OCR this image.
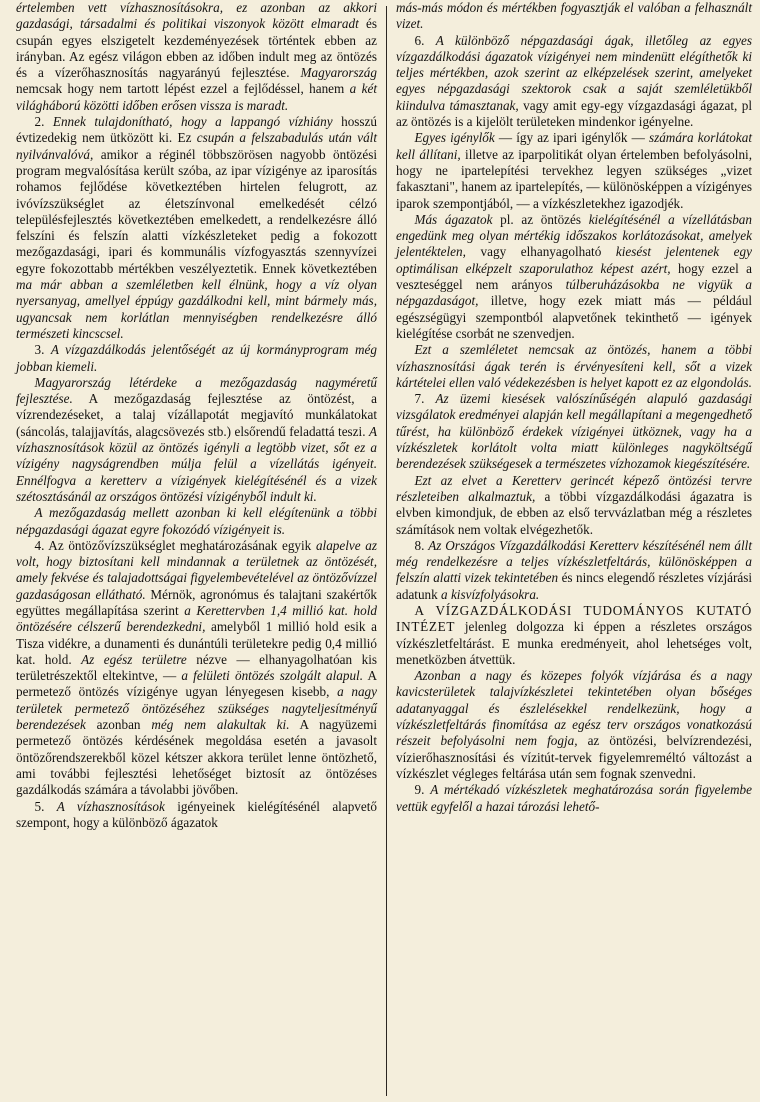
értelemben vett vízhasznosításokra, ez azonban az akkori gazdasági, társadalmi és politikai viszonyok között elmaradt és csupán egyes elszigetelt kezdeményezések történtek ebben az irányban. Az egész világon ebben az időben indult meg az öntözés és a vízerőhasznosítás nagyarányú fejlesztése. Magyarország nemcsak hogy nem tartott lépést ezzel a fejlődéssel, hanem a két világháború közötti időben erősen vissza is maradt.

2. Ennek tulajdonítható, hogy a lappangó vízhiány hosszú évtizedekig nem ütközött ki. Ez csupán a felszabadulás után vált nyilvánvalóvá, amikor a réginél többszörösen nagyobb öntözési program megvalósítása került szóba, az ipar vízigénye az iparosítás rohamos fejlődése következtében hirtelen felugrott, az ivóvízszükséglet az életszínvonal emelkedését célzó településfejlesztés következtében emelkedett, a rendelkezésre álló felszíni és felszín alatti vízkészleteket pedig a fokozott mezőgazdasági, ipari és kommunális vízfogyasztás szennyvízei egyre fokozottabb mértékben veszélyeztetik. Ennek következtében ma már abban a szemléletben kell élnünk, hogy a víz olyan nyersanyag, amellyel éppúgy gazdálkodni kell, mint bármely más, ugyancsak nem korlátlan mennyiségben rendelkezésre álló természeti kincscsel.

3. A vízgazdálkodás jelentőségét az új kormányprogram még jobban kiemeli.

Magyarország létérdeke a mezőgazdaság nagyméretű fejlesztése. A mezőgazdaság fejlesztése az öntözést, a vízrendezéseket, a talaj vízállapotát megjavító munkálatokat (sáncolás, talajjavítás, alagcsövezés stb.) elsőrendű feladattá teszi. A vízhasznosítások közül az öntözés igényli a legtöbb vizet, sőt ez a vízigény nagyságrendben múlja felül a vízellátás igényeit. Ennélfogva a keretterv a vízigények kielégítésénél és a vizek szétosztásánál az országos öntözési vízigényből indult ki.

A mezőgazdaság mellett azonban ki kell elégítenünk a többi népgazdasági ágazat egyre fokozódó vízigényeit is.

4. Az öntözővízszükséglet meghatározásának egyik alapelve az volt, hogy biztosítani kell mindannak a területnek az öntözését, amely fekvése és talajadottságai figyelembevételével az öntözővízzel gazdaságosan ellátható. Mérnök, agronómus és talajtani szakértők együttes megállapítása szerint a Kerettervben 1,4 millió kat. hold öntözésére célszerű berendezkedni, amelyből 1 millió hold esik a Tisza vidékre, a dunamenti és dunántúli területekre pedig 0,4 millió kat. hold. Az egész területre nézve — elhanyagolhatóan kis területrészektől eltekintve, — a felületi öntözés szolgált alapul. A permetező öntözés vízigénye ugyan lényegesen kisebb, a nagy területek permetező öntözéséhez szükséges nagyteljesítményű berendezések azonban még nem alakultak ki. A nagyüzemi permetező öntözés kérdésének megoldása esetén a javasolt öntözőrendszerekből közel kétszer akkora terület lenne öntözhető, ami további fejlesztési lehetőséget biztosít az öntözéses gazdálkodás számára a távolabbi jövőben.

5. A vízhasznosítások igényeinek kielégítésénél alapvető szempont, hogy a különböző ágazatok

más-más módon és mértékben fogyasztják el valóban a felhasznált vizet.

6. A különböző népgazdasági ágak, illetőleg az egyes vízgazdálkodási ágazatok vízigényei nem mindenütt elégíthetők ki teljes mértékben, azok szerint az elképzelések szerint, amelyeket egyes népgazdasági szektorok csak a saját szemléletükből kiindulva támasztanak, vagy amit egy-egy vízgazdasági ágazat, pl az öntözés is a kijelölt területeken mindenkor igényelne.

Egyes igénylők — így az ipari igénylők — számára korlátokat kell állítani, illetve az iparpolitikát olyan értelemben befolyásolni, hogy ne ipartelepítési tervekhez legyen szükséges „vizet fakasztani", hanem az ipartelepítés, — különösképpen a vízigényes iparok szempontjából, — a vízkészletekhez igazodjék.

Más ágazatok pl. az öntözés kielégítésénél a vízellátásban engedünk meg olyan mértékig időszakos korlátozásokat, amelyek jelentéktelen, vagy elhanyagolható kiesést jelentenek egy optimálisan elképzelt szaporulathoz képest azért, hogy ezzel a veszteséggel nem arányos túlberuházásokba ne vigyük a népgazdaságot, illetve, hogy ezek miatt más — például egészségügyi szempontból alapvetőnek tekinthető — igények kielégítése csorbát ne szenvedjen.

Ezt a szemléletet nemcsak az öntözés, hanem a többi vízhasznosítási ágak terén is érvényesíteni kell, sőt a vizek kártételei ellen való védekezésben is helyet kapott ez az elgondolás.

7. Az üzemi kiesések valószínűségén alapuló gazdasági vizsgálatok eredményei alapján kell megállapítani a megengedhető tűrést, ha különböző érdekek vízigényei ütköznek, vagy ha a vízkészletek korlátolt volta miatt különleges nagyköltségű berendezések szükségesek a természetes vízhozamok kiegészítésére.

Ezt az elvet a Keretterv gerincét képező öntözési tervre részleteiben alkalmaztuk, a többi vízgazdálkodási ágazatra is elvben kimondjuk, de ebben az első tervvázlatban még a részletes számítások nem voltak elvégezhetők.

8. Az Országos Vízgazdálkodási Keretterv készítésénél nem állt még rendelkezésre a teljes vízkészletfeltárás, különösképpen a felszín alatti vizek tekintetében és nincs elegendő részletes vízjárási adatunk a kisvízfolyásokra.

A VÍZGAZDÁLKODÁSI TUDOMÁNYOS KUTATÓ INTÉZET jelenleg dolgozza ki éppen a részletes országos vízkészletfeltárást. E munka eredményeit, ahol lehetséges volt, menetközben átvettük.

Azonban a nagy és közepes folyók vízjárása és a nagy kavicsterületek talajvízkészletei tekintetében olyan bőséges adatanyaggal és észlelésekkel rendelkezünk, hogy a vízkészletfeltárás finomítása az egész terv országos vonatkozású részeit befolyásolni nem fogja, az öntözési, belvízrendezési, vízierőhasznosítási és vízitút-tervek figyelemreméltó változást a vízkészlet végleges feltárása után sem fognak szenvedni.

9. A mértékadó vízkészletek meghatározása során figyelembe vettük egyfelől a hazai tározási lehető-
